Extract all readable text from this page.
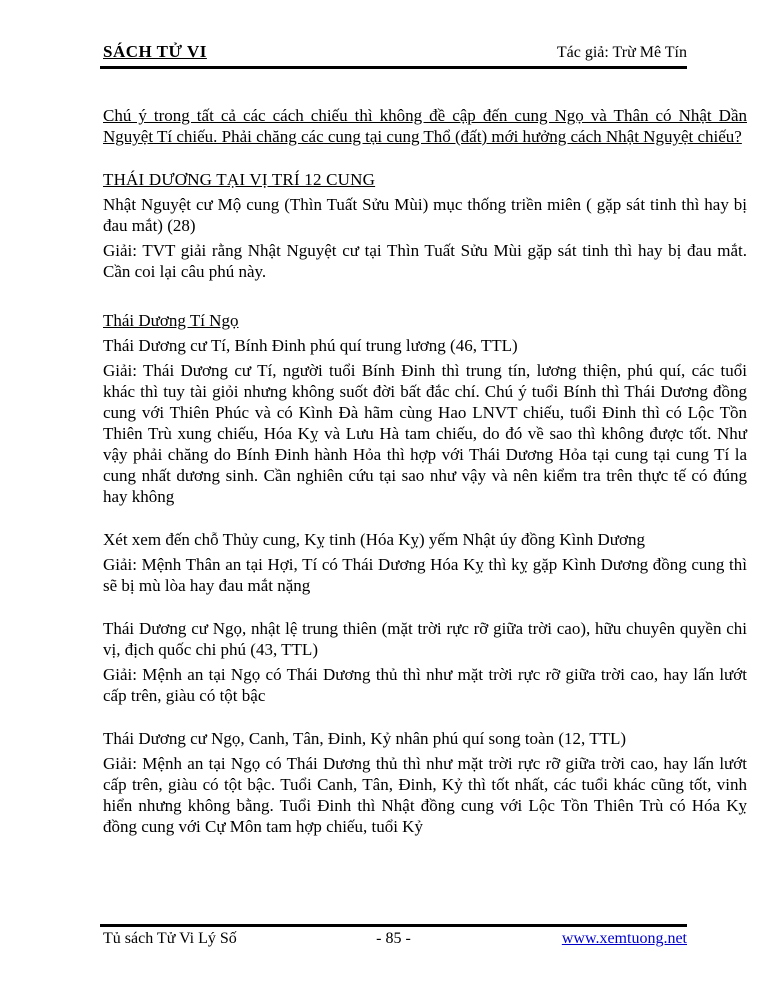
SÁCH TỬ VI	Tác giả: Trừ Mê Tín

Chú ý trong tất cả các cách chiếu thì không đề cập đến cung Ngọ và Thân có Nhật Dần Nguyệt Tí chiếu. Phải chăng các cung tại cung Thổ (đất) mới hưởng cách Nhật Nguyệt chiếu?

THÁI DƯƠNG TẠI VỊ TRÍ 12 CUNG

Nhật Nguyệt cư Mộ cung (Thìn Tuất Sửu Mùi) mục thống triền miên ( gặp sát tinh thì hay bị đau mắt) (28)

Giải: TVT giải rằng Nhật Nguyệt cư tại Thìn Tuất Sửu Mùi gặp sát tinh thì hay bị đau mắt. Cần coi lại câu phú này.

Thái Dương Tí Ngọ

Thái Dương cư Tí, Bính Đinh phú quí trung lương (46, TTL)

Giải: Thái Dương cư Tí, người tuổi Bính Đinh thì trung tín, lương thiện, phú quí, các tuổi khác thì tuy tài giỏi nhưng không suốt đời bất đắc chí. Chú ý tuổi Bính thì Thái Dương đồng cung với Thiên Phúc và có Kình Đà hãm cùng Hao LNVT chiếu, tuổi Đinh thì có Lộc Tồn Thiên Trù xung chiếu, Hóa Kỵ và Lưu Hà tam chiếu, do đó về sao thì không được tốt. Như vậy phải chăng do Bính Đinh hành Hỏa thì hợp với Thái Dương Hỏa tại cung tại cung Tí la cung nhất dương sinh. Cần nghiên cứu tại sao như vậy và nên kiểm tra trên thực tế có đúng hay không

Xét xem đến chỗ Thủy cung, Kỵ tinh (Hóa Kỵ) yếm Nhật úy đồng Kình Dương

Giải: Mệnh Thân an tại Hợi, Tí có Thái Dương Hóa Kỵ thì kỵ gặp Kình Dương đồng cung thì sẽ bị mù lòa hay đau mắt nặng

Thái Dương cư Ngọ, nhật lệ trung thiên (mặt trời rực rỡ giữa trời cao), hữu chuyên quyền chi vị, địch quốc chi phú (43, TTL)

Giải: Mệnh an tại Ngọ có Thái Dương thủ thì như mặt trời rực rỡ giữa trời cao, hay lấn lướt cấp trên, giàu có tột bậc

Thái Dương cư Ngọ, Canh, Tân, Đinh, Kỷ nhân phú quí song toàn (12, TTL)

Giải: Mệnh an tại Ngọ có Thái Dương thủ thì như mặt trời rực rỡ giữa trời cao, hay lấn lướt cấp trên, giàu có tột bậc. Tuổi Canh, Tân, Đinh, Kỷ thì tốt nhất, các tuổi khác cũng tốt, vinh hiển nhưng không bằng. Tuổi Đinh thì Nhật đồng cung với Lộc Tồn Thiên Trù có Hóa Kỵ đồng cung với Cự Môn tam hợp chiếu, tuổi Kỷ

Tủ sách Tử Vi Lý Số	- 85 -	www.xemtuong.net
